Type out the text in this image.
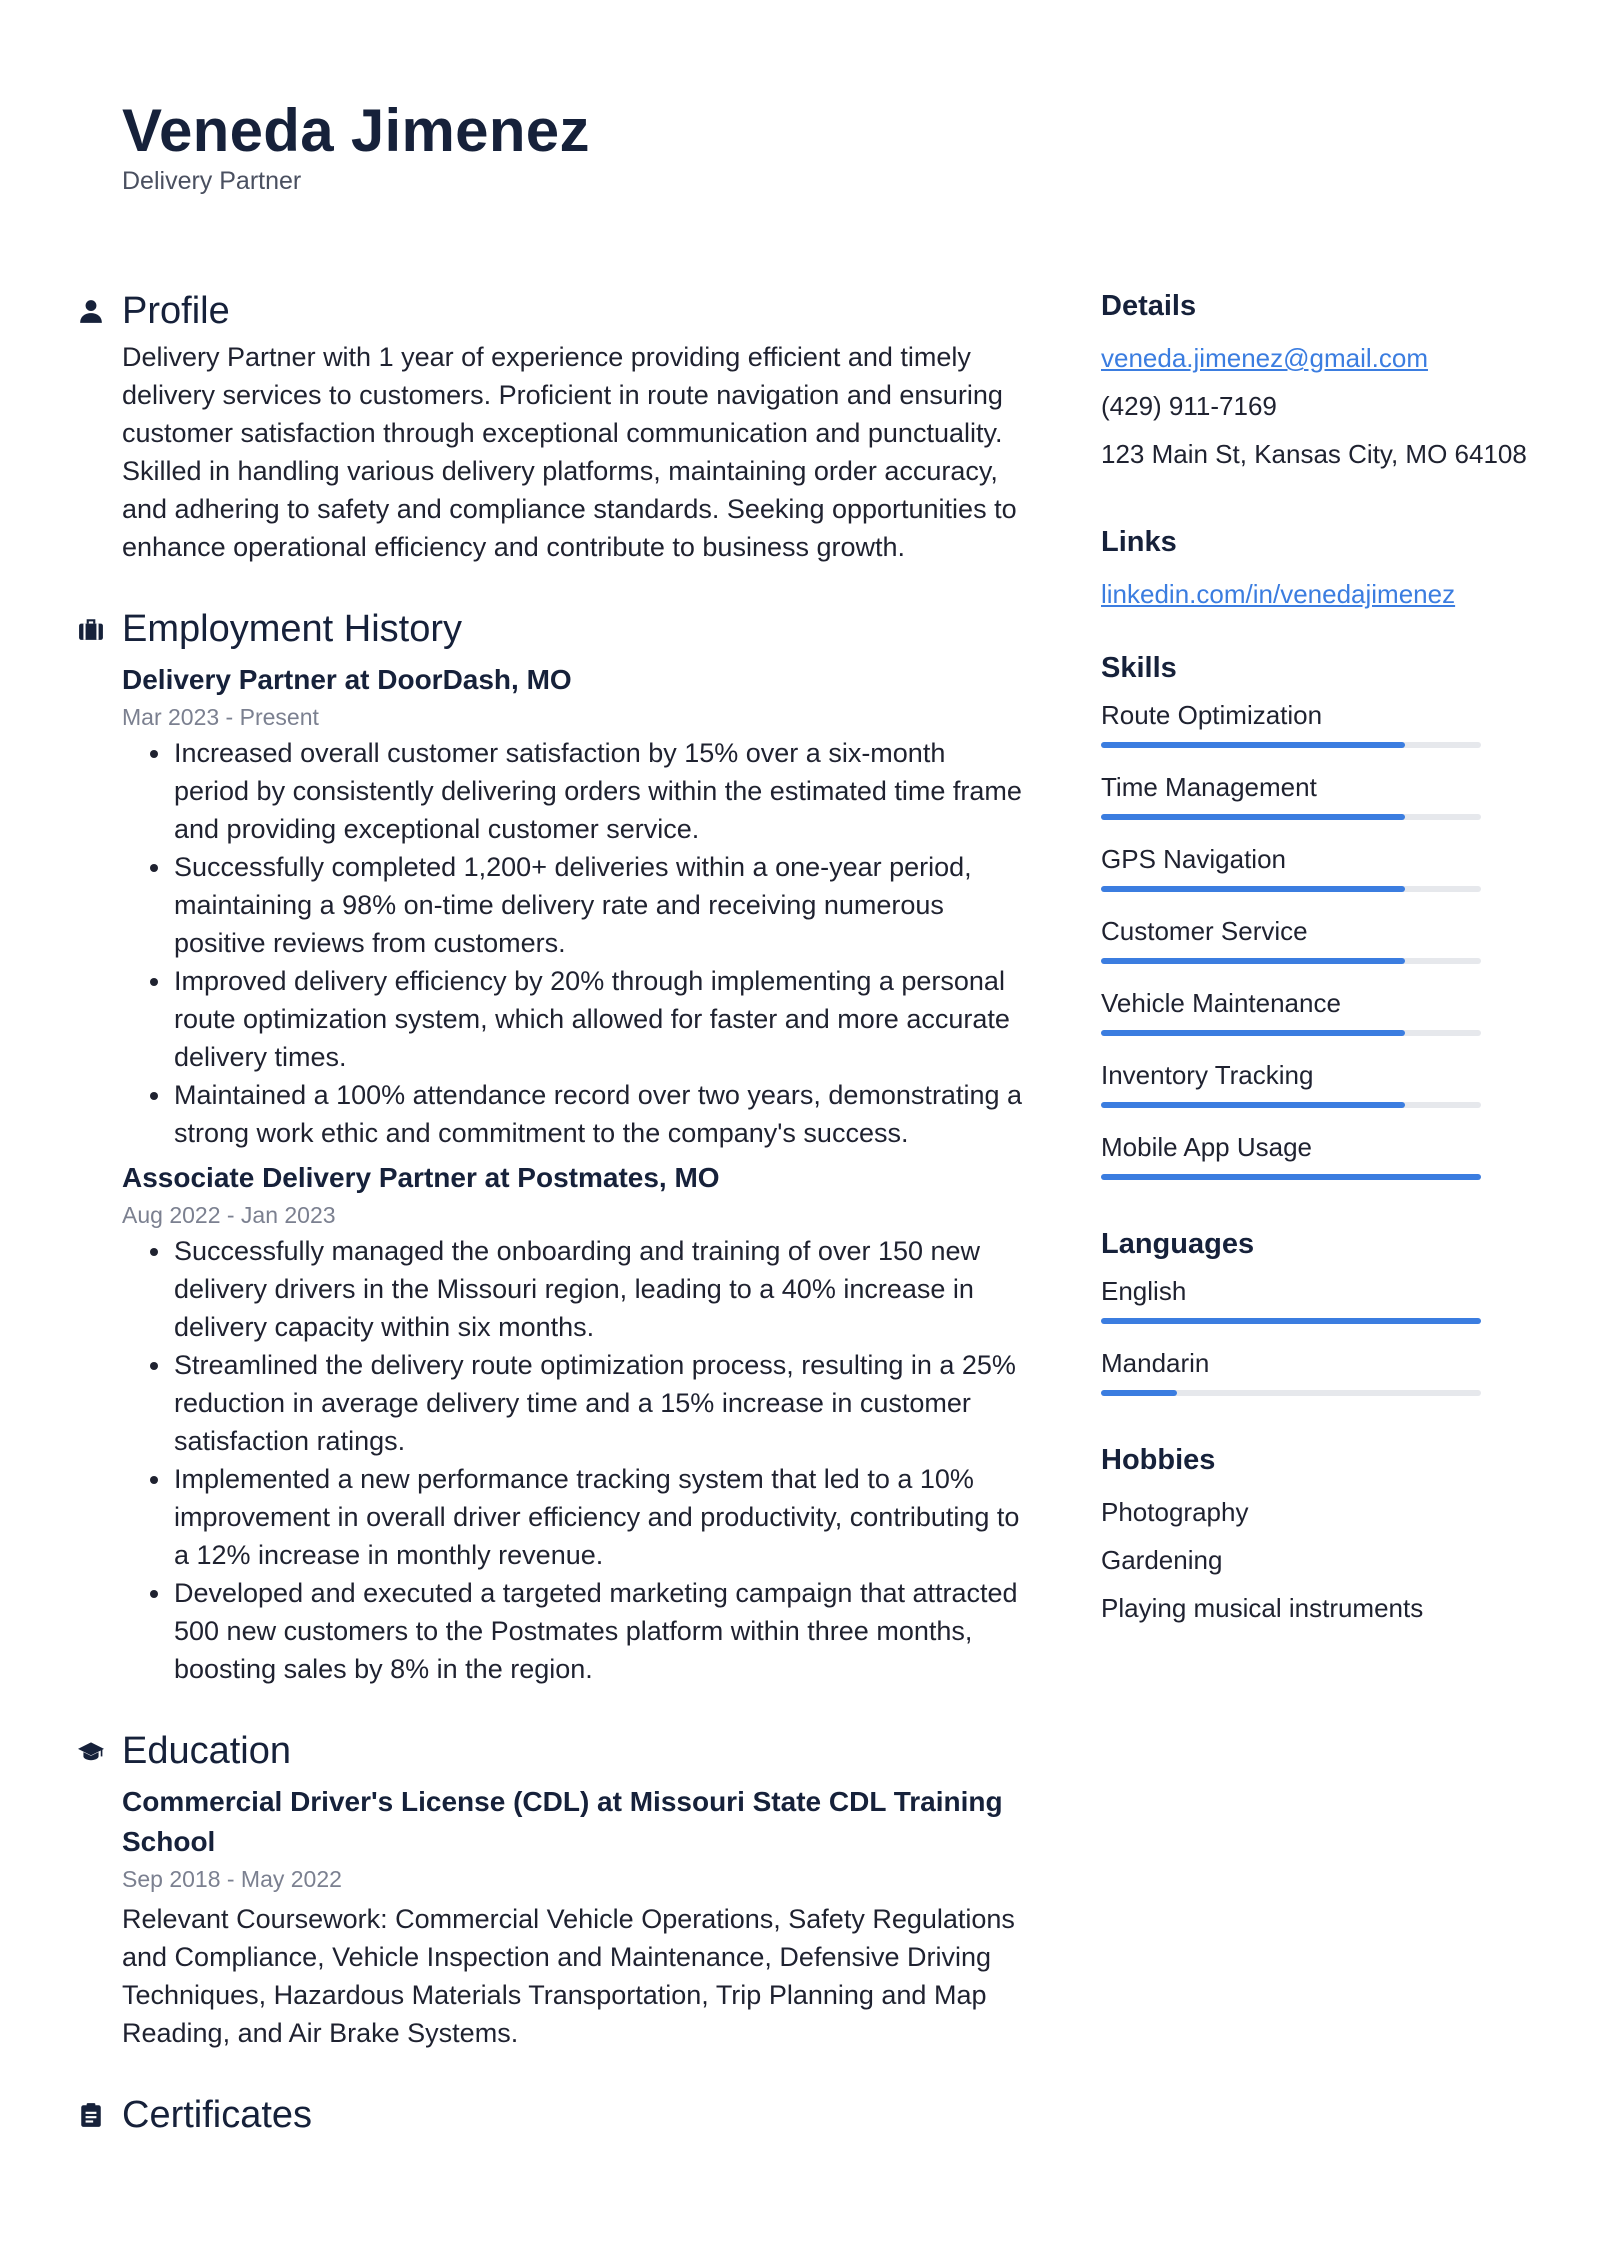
Veneda Jimenez
Delivery Partner
Profile

Delivery Partner with 1 year of experience providing efficient and timely delivery services to customers. Proficient in route navigation and ensuring customer satisfaction through exceptional communication and punctuality. Skilled in handling various delivery platforms, maintaining order accuracy, and adhering to safety and compliance standards. Seeking opportunities to enhance operational efficiency and contribute to business growth.

Employment History
Delivery Partner at DoorDash, MO
Mar 2023 - Present
Increased overall customer satisfaction by 15% over a six-month period by consistently delivering orders within the estimated time frame and providing exceptional customer service.
Successfully completed 1,200+ deliveries within a one-year period, maintaining a 98% on-time delivery rate and receiving numerous positive reviews from customers.
Improved delivery efficiency by 20% through implementing a personal route optimization system, which allowed for faster and more accurate delivery times.
Maintained a 100% attendance record over two years, demonstrating a strong work ethic and commitment to the company's success.
Associate Delivery Partner at Postmates, MO
Aug 2022 - Jan 2023
Successfully managed the onboarding and training of over 150 new delivery drivers in the Missouri region, leading to a 40% increase in delivery capacity within six months.
Streamlined the delivery route optimization process, resulting in a 25% reduction in average delivery time and a 15% increase in customer satisfaction ratings.
Implemented a new performance tracking system that led to a 10% improvement in overall driver efficiency and productivity, contributing to a 12% increase in monthly revenue.
Developed and executed a targeted marketing campaign that attracted 500 new customers to the Postmates platform within three months, boosting sales by 8% in the region.
Education
Commercial Driver's License (CDL) at Missouri State CDL Training School
Sep 2018 - May 2022

Relevant Coursework: Commercial Vehicle Operations, Safety Regulations and Compliance, Vehicle Inspection and Maintenance, Defensive Driving Techniques, Hazardous Materials Transportation, Trip Planning and Map Reading, and Air Brake Systems.

Certificates
Details
veneda.jimenez@gmail.com
(429) 911-7169
123 Main St, Kansas City, MO 64108
Links
linkedin.com/in/venedajimenez
Skills
Route Optimization
Time Management
GPS Navigation
Customer Service
Vehicle Maintenance
Inventory Tracking
Mobile App Usage
Languages
English
Mandarin
Hobbies
Photography
Gardening
Playing musical instruments
